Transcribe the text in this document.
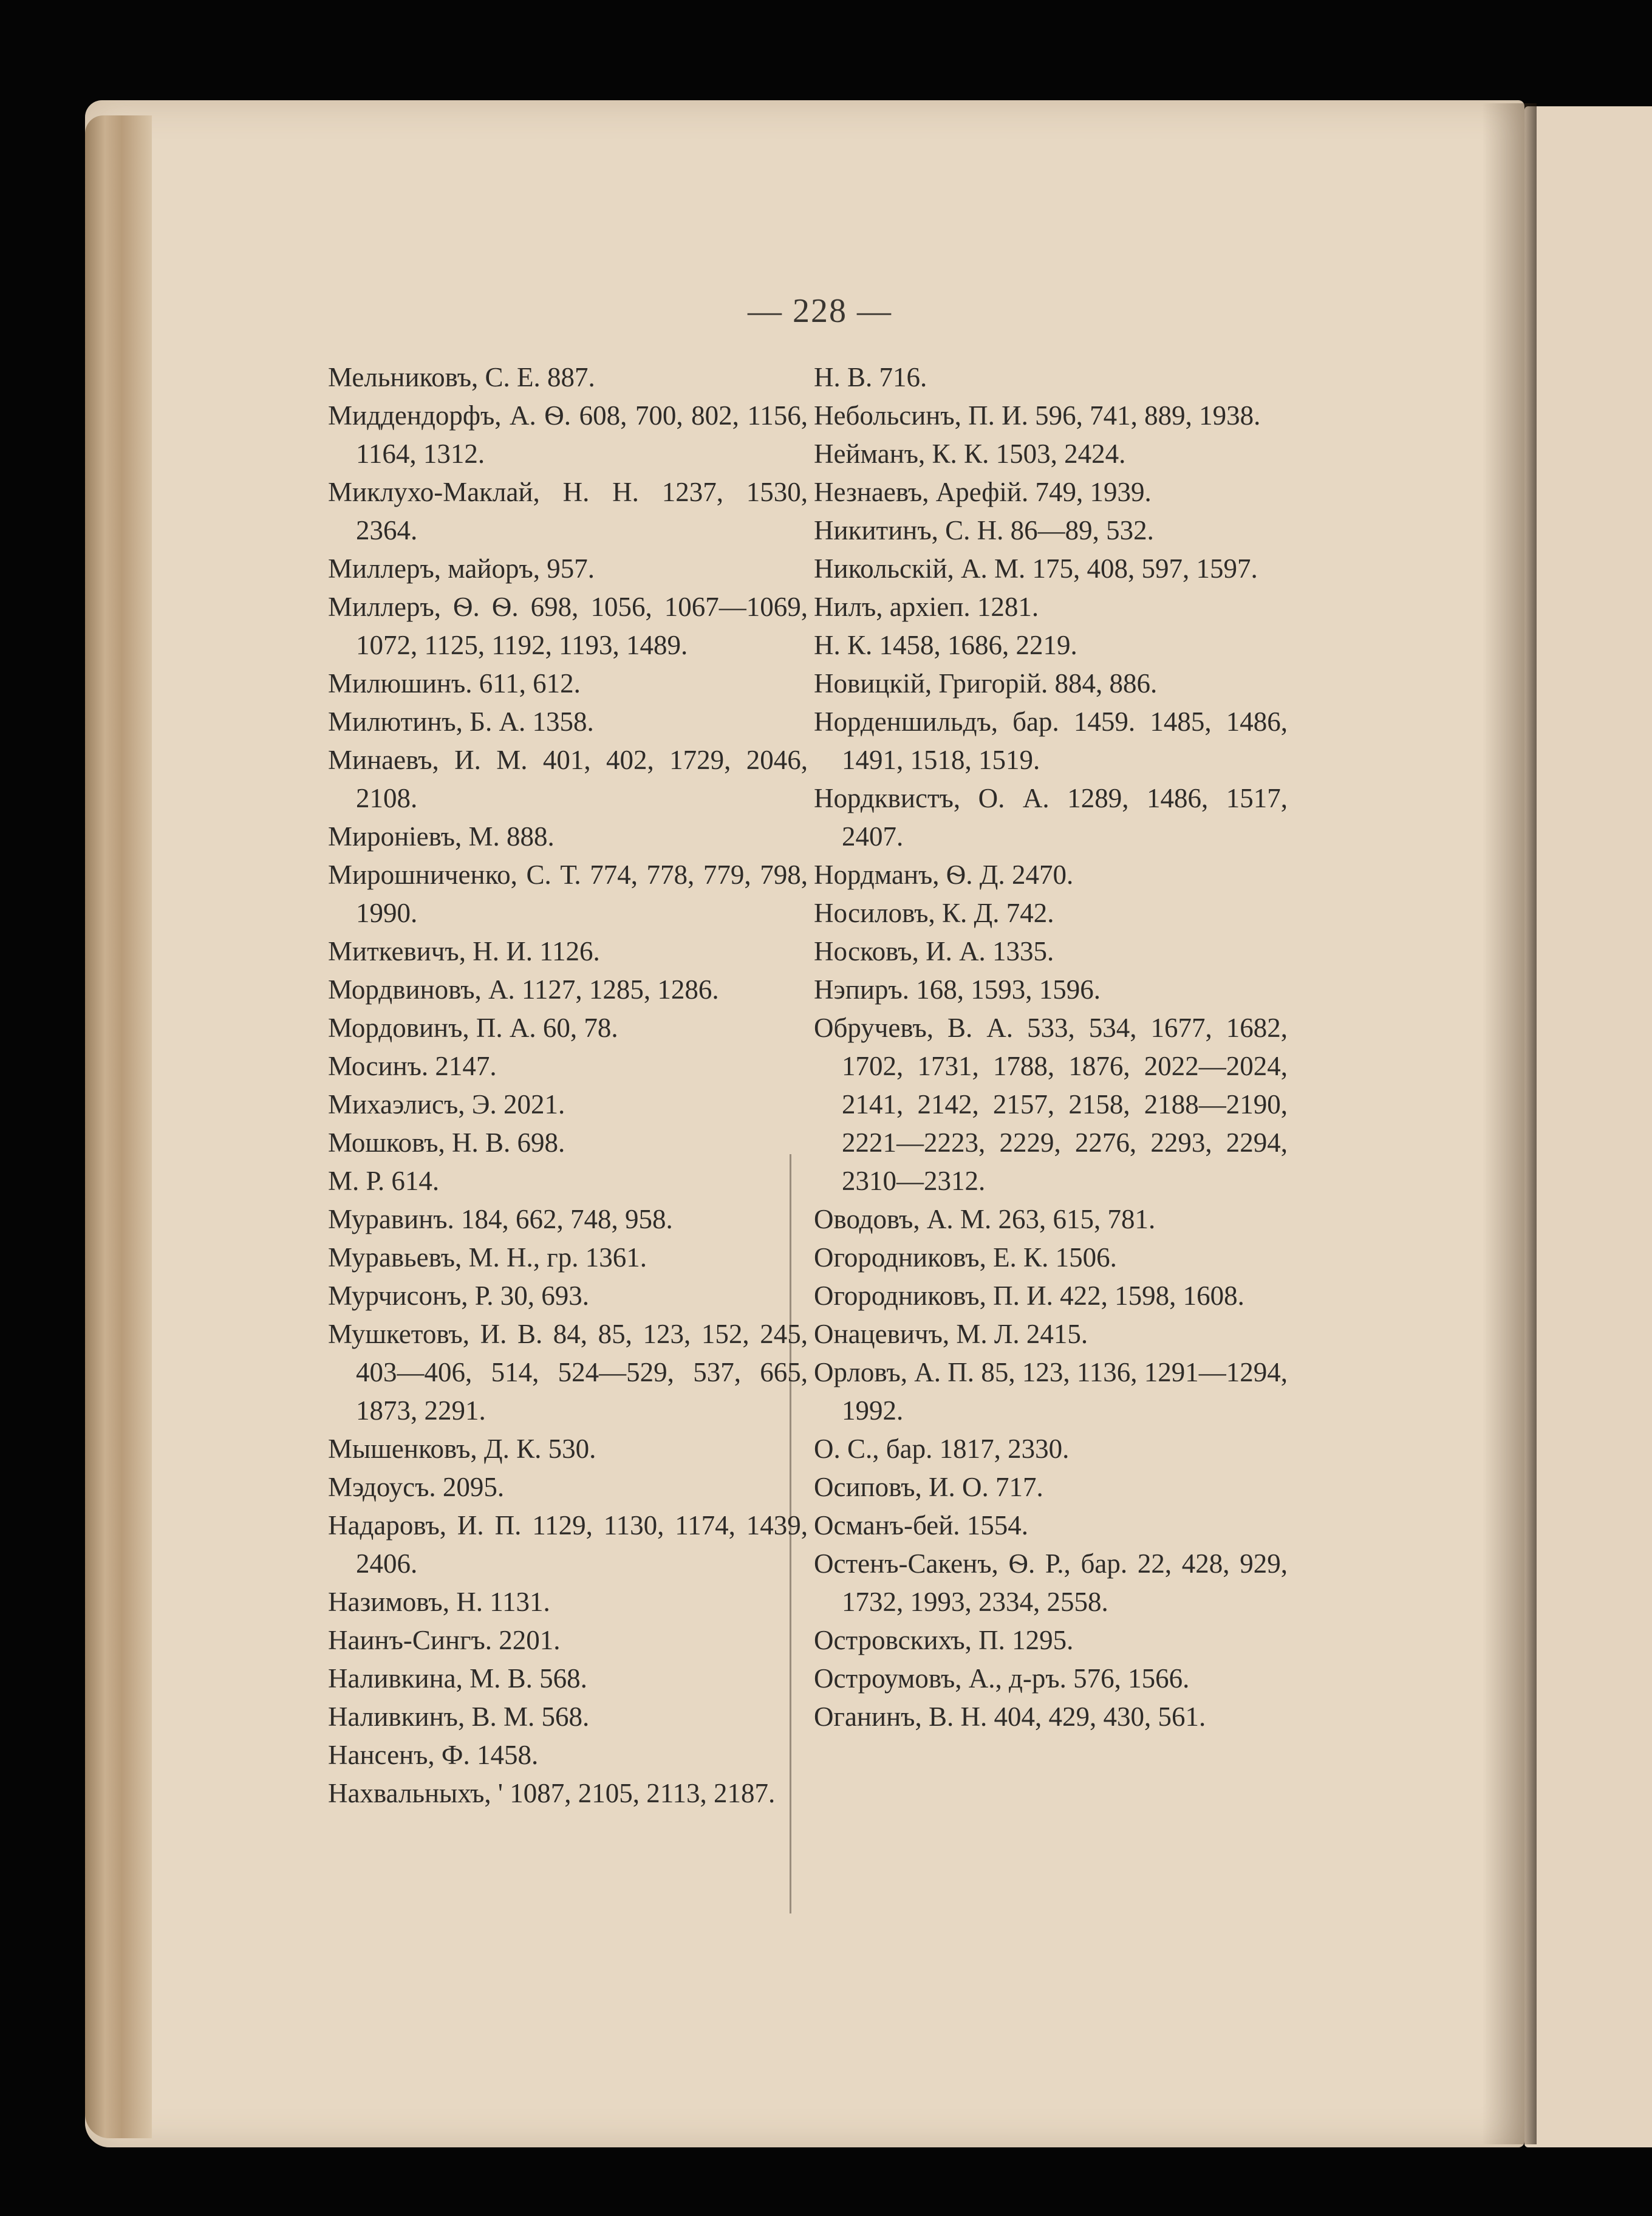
— 228 —
Мельниковъ, С. Е. 887.
Миддендорфъ, А. Ѳ. 608, 700, 802, 1156, 1164, 1312.
Миклухо-Маклай, Н. Н. 1237, 1530, 2364.
Миллеръ, майоръ, 957.
Миллеръ, Ѳ. Ѳ. 698, 1056, 1067—1069, 1072, 1125, 1192, 1193, 1489.
Милюшинъ. 611, 612.
Милютинъ, Б. А. 1358.
Минаевъ, И. М. 401, 402, 1729, 2046, 2108.
Мироніевъ, М. 888.
Мирошниченко, С. Т. 774, 778, 779, 798, 1990.
Миткевичъ, Н. И. 1126.
Мордвиновъ, А. 1127, 1285, 1286.
Мордовинъ, П. А. 60, 78.
Мосинъ. 2147.
Михаэлисъ, Э. 2021.
Мошковъ, Н. В. 698.
М. Р. 614.
Муравинъ. 184, 662, 748, 958.
Муравьевъ, М. Н., гр. 1361.
Мурчисонъ, Р. 30, 693.
Мушкетовъ, И. В. 84, 85, 123, 152, 245, 403—406, 514, 524—529, 537, 665, 1873, 2291.
Мышенковъ, Д. К. 530.
Мэдоусъ. 2095.
Надаровъ, И. П. 1129, 1130, 1174, 1439, 2406.
Назимовъ, Н. 1131.
Наинъ-Сингъ. 2201.
Наливкина, М. В. 568.
Наливкинъ, В. М. 568.
Нансенъ, Ф. 1458.
Нахвальныхъ, ' 1087, 2105, 2113, 2187.
Н. В. 716.
Небольсинъ, П. И. 596, 741, 889, 1938.
Нейманъ, К. К. 1503, 2424.
Незнаевъ, Арефій. 749, 1939.
Никитинъ, С. Н. 86—89, 532.
Никольскій, А. М. 175, 408, 597, 1597.
Нилъ, архіеп. 1281.
Н. К. 1458, 1686, 2219.
Новицкій, Григорій. 884, 886.
Норденшильдъ, бар. 1459. 1485, 1486, 1491, 1518, 1519.
Нордквистъ, О. А. 1289, 1486, 1517, 2407.
Нордманъ, Ѳ. Д. 2470.
Носиловъ, К. Д. 742.
Носковъ, И. А. 1335.
Нэпиръ. 168, 1593, 1596.
Обручевъ, В. А. 533, 534, 1677, 1682, 1702, 1731, 1788, 1876, 2022—2024, 2141, 2142, 2157, 2158, 2188—2190, 2221—2223, 2229, 2276, 2293, 2294, 2310—2312.
Оводовъ, А. М. 263, 615, 781.
Огородниковъ, Е. К. 1506.
Огородниковъ, П. И. 422, 1598, 1608.
Онацевичъ, М. Л. 2415.
Орловъ, А. П. 85, 123, 1136, 1291—1294, 1992.
О. С., бар. 1817, 2330.
Осиповъ, И. О. 717.
Османъ-бей. 1554.
Остенъ-Сакенъ, Ѳ. Р., бар. 22, 428, 929, 1732, 1993, 2334, 2558.
Островскихъ, П. 1295.
Остроумовъ, А., д-ръ. 576, 1566.
Оганинъ, В. Н. 404, 429, 430, 561.
